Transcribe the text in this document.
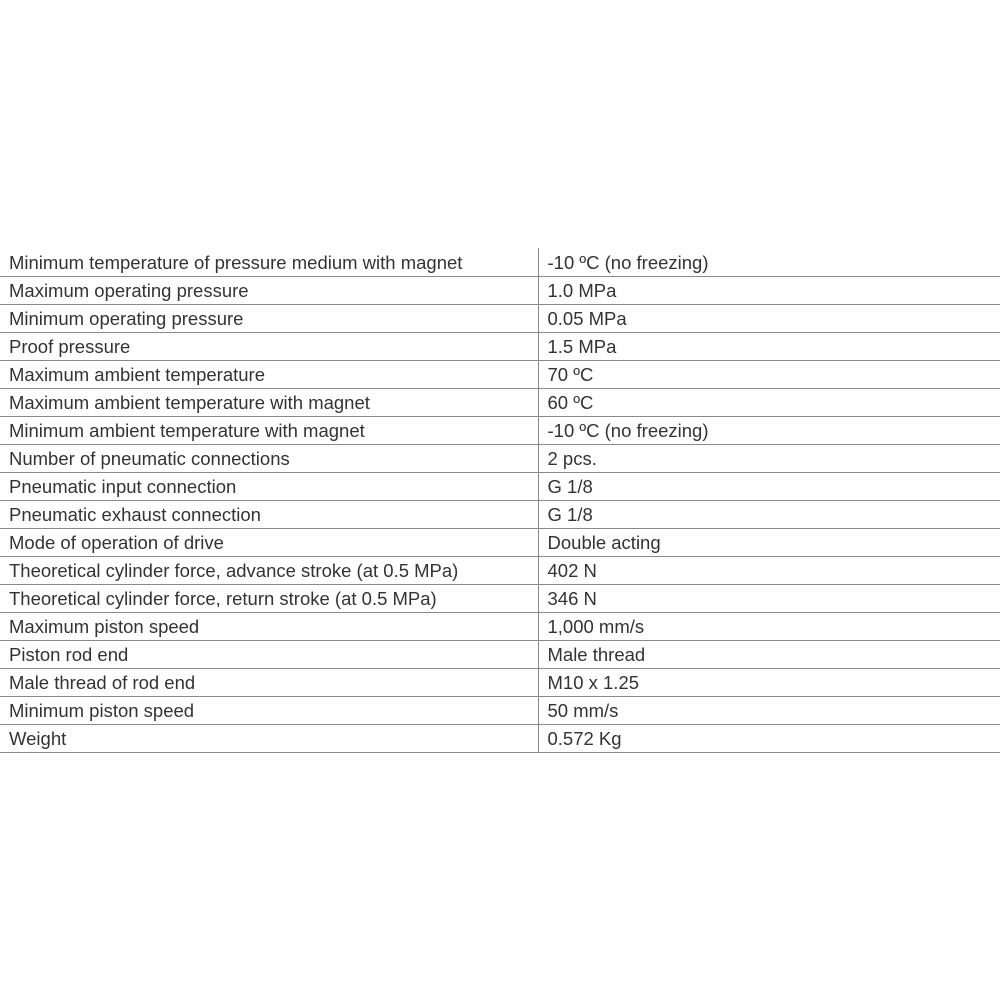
Minimum temperature of pressure medium with magnet	-10 ºC (no freezing)
Maximum operating pressure	1.0 MPa
Minimum operating pressure	0.05 MPa
Proof pressure	1.5 MPa
Maximum ambient temperature	70 ºC
Maximum ambient temperature with magnet	60 ºC
Minimum ambient temperature with magnet	-10 ºC (no freezing)
Number of pneumatic connections	2 pcs.
Pneumatic input connection	G 1/8
Pneumatic exhaust connection	G 1/8
Mode of operation of drive	Double acting
Theoretical cylinder force, advance stroke (at 0.5 MPa)	402 N
Theoretical cylinder force, return stroke (at 0.5 MPa)	346 N
Maximum piston speed	1,000 mm/s
Piston rod end	Male thread
Male thread of rod end	M10 x 1.25
Minimum piston speed	50 mm/s
Weight	0.572 Kg
